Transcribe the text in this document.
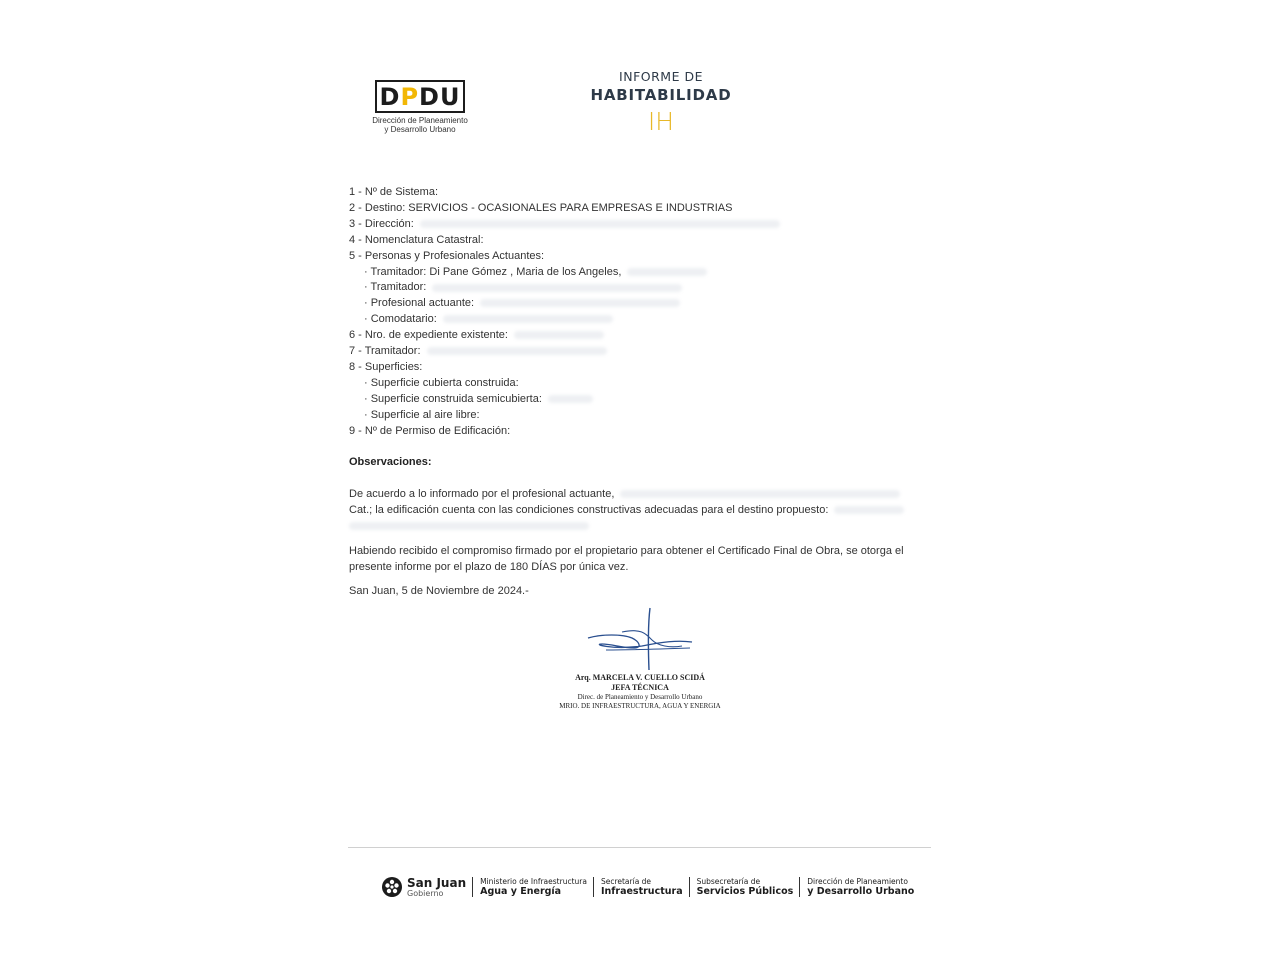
DPDU
Dirección de Planeamiento
y Desarrollo Urbano
INFORME DE
HABITABILIDAD
IH
1 - Nº de Sistema:
2 - Destino: SERVICIOS - OCASIONALES PARA EMPRESAS E INDUSTRIAS
3 - Dirección:
4 - Nomenclatura Catastral:
5 - Personas y Profesionales Actuantes:
· Tramitador: Di Pane Gómez , Maria de los Angeles,
· Tramitador:
· Profesional actuante:
· Comodatario:
6 - Nro. de expediente existente:
7 - Tramitador:
8 - Superficies:
· Superficie cubierta construida:
· Superficie construida semicubierta:
· Superficie al aire libre:
9 - Nº de Permiso de Edificación:
Observaciones:
De acuerdo a lo informado por el profesional actuante,
Cat.; la edificación cuenta con las condiciones constructivas adecuadas para el destino propuesto:

Habiendo recibido el compromiso firmado por el propietario para obtener el Certificado Final de Obra, se otorga el presente informe por el plazo de 180 DÍAS por única vez.
San Juan, 5 de Noviembre de 2024.-
Arq. MARCELA V. CUELLO SCIDÁ
JEFA TÉCNICA
Direc. de Planeamiento y Desarrollo Urbano
MRIO. DE INFRAESTRUCTURA, AGUA Y ENERGIA
San Juan
Gobierno
Ministerio de Infraestructura
Agua y Energía
Secretaría de
Infraestructura
Subsecretaría de
Servicios Públicos
Dirección de Planeamiento
y Desarrollo Urbano
